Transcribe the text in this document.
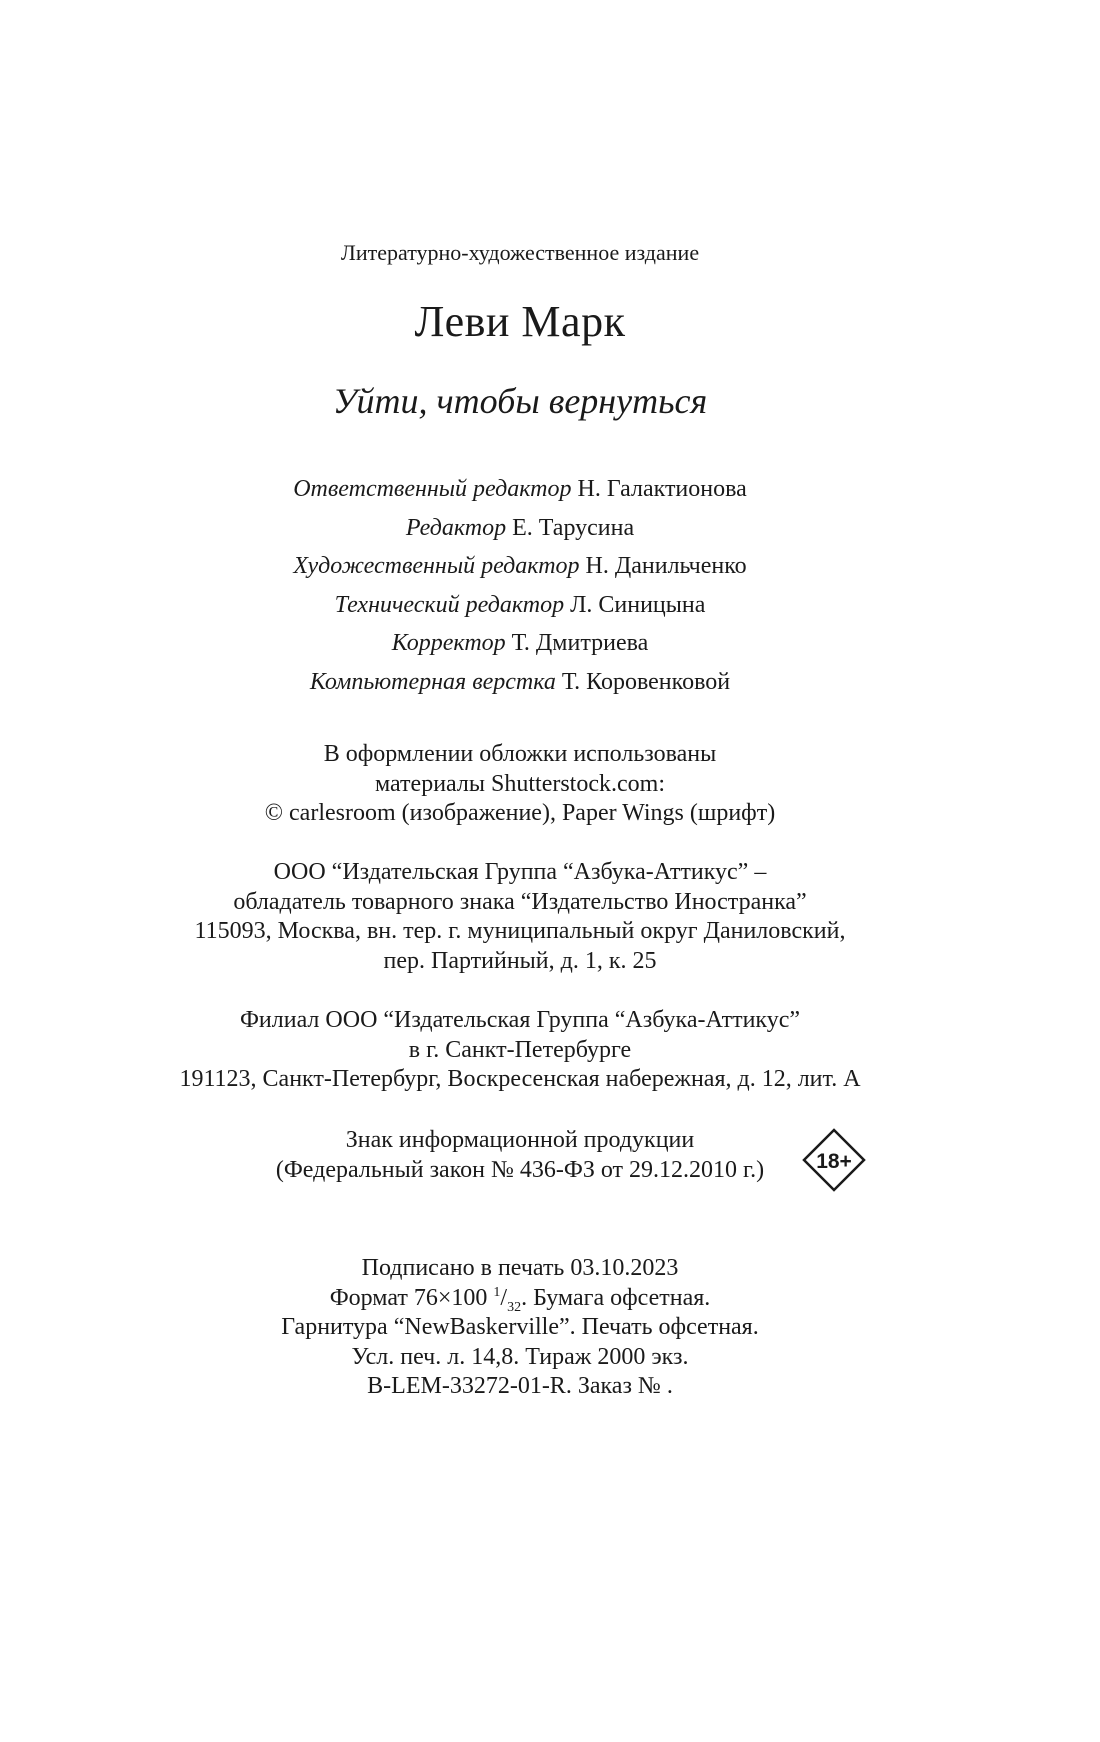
Литературно-художественное издание
Леви Марк
Уйти, чтобы вернуться
Ответственный редактор Н. Галактионова
Редактор Е. Тарусина
Художественный редактор Н. Данильченко
Технический редактор Л. Синицына
Корректор Т. Дмитриева
Компьютерная верстка Т. Коровенковой
В оформлении обложки использованы
материалы Shutterstock.com:
© carlesroom (изображение), Paper Wings (шрифт)
ООО “Издательская Группа “Азбука-Аттикус” –
обладатель товарного знака “Издательство Иностранка”
115093, Москва, вн. тер. г. муниципальный округ Даниловский,
пер. Партийный, д. 1, к. 25
Филиал ООО “Издательская Группа “Азбука-Аттикус”
в г. Санкт-Петербурге
191123, Санкт-Петербург, Воскресенская набережная, д. 12, лит. А
Знак информационной продукции
(Федеральный закон № 436-ФЗ от 29.12.2010 г.)	18+
Подписано в печать 03.10.2023
Формат 76×100 $^1/_{32}$. Бумага офсетная.
Гарнитура “NewBaskerville”. Печать офсетная.
Усл. печ. л. 14,8. Тираж 2000 экз.
B-LEM-33272-01-R. Заказ № .
